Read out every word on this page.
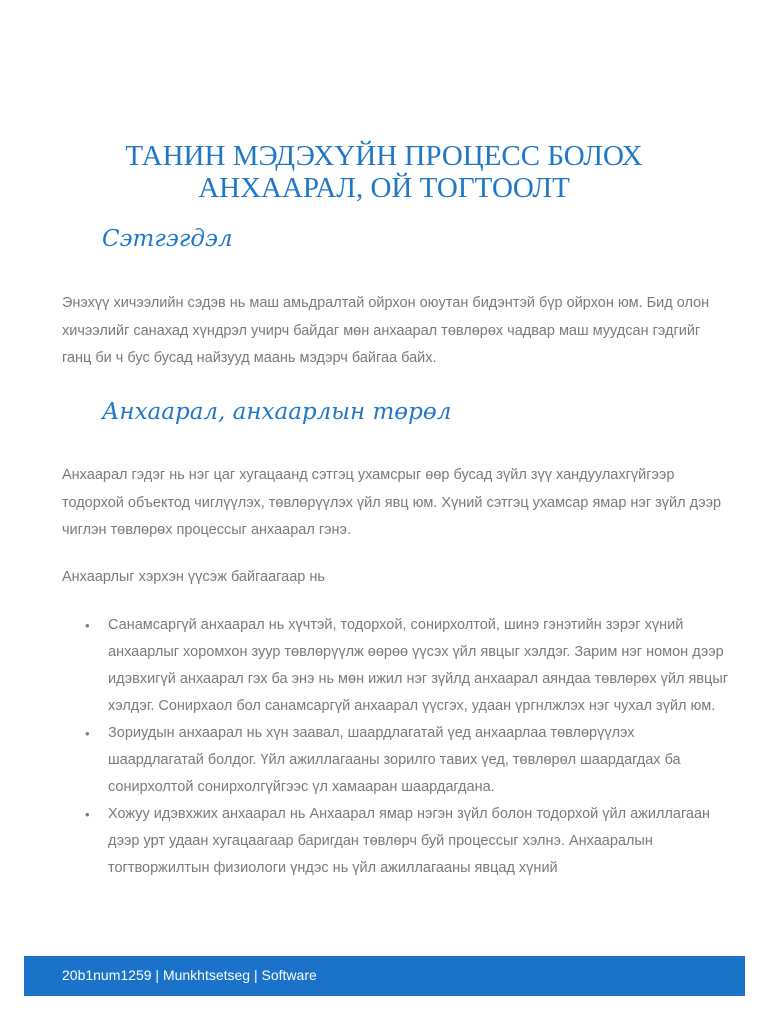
ТАНИН МЭДЭХҮЙН ПРОЦЕСС БОЛОХ
АНХААРАЛ, ОЙ ТОГТООЛТ
Сэтгэгдэл

Энэхүү хичээлийн сэдэв нь маш амьдралтай ойрхон оюутан бидэнтэй бүр ойрхон юм. Бид олон хичээлийг санахад хүндрэл учирч байдаг мөн анхаарал төвлөрөх чадвар маш муудсан гэдгийг ганц би ч бус бусад найзууд маань мэдэрч байгаа байх.

Анхаарал, анхаарлын төрөл

Анхаарал гэдэг нь нэг цаг хугацаанд сэтгэц ухамсрыг өөр бусад зүйл зүү хандуулахгүйгээр тодорхой объектод чиглүүлэх, төвлөрүүлэх үйл явц юм. Хүний сэтгэц ухамсар ямар нэг зүйл дээр чиглэн төвлөрөх процессыг анхаарал гэнэ.

Анхаарлыг хэрхэн үүсэж байгаагаар нь

• Санамсаргүй анхаарал нь хүчтэй, тодорхой, сонирхолтой, шинэ гэнэтийн зэрэг хүний анхаарлыг хоромхон зуур төвлөрүүлж өөрөө үүсэх үйл явцыг хэлдэг. Зарим нэг номон дээр идэвхигүй анхаарал гэх ба энэ нь мөн ижил нэг зүйлд анхаарал аяндаа төвлөрөх үйл явцыг хэлдэг. Сонирхаол бол санамсаргүй анхаарал үүсгэх, удаан үргнлжлэх нэг чухал зүйл юм.
• Зориудын анхаарал нь хүн заавал, шаардлагатай үед анхаарлаа төвлөрүүлэх шаардлагатай болдог. Үйл ажиллагааны зорилго тавих үед, төвлөрөл шаардагдах ба сонирхолтой сонирхолгүйгээс үл хамааран шаардагдана.
• Хожуу идэвхжих анхаарал нь Анхаарал ямар нэгэн зүйл болон тодорхой үйл ажиллагаан дээр урт удаан хугацаагаар баригдан төвлөрч буй процессыг хэлнэ. Анхааралын тогтворжилтын физиологи үндэс нь үйл ажиллагааны явцад хүний
20b1num1259 | Munkhtsetseg | Software
